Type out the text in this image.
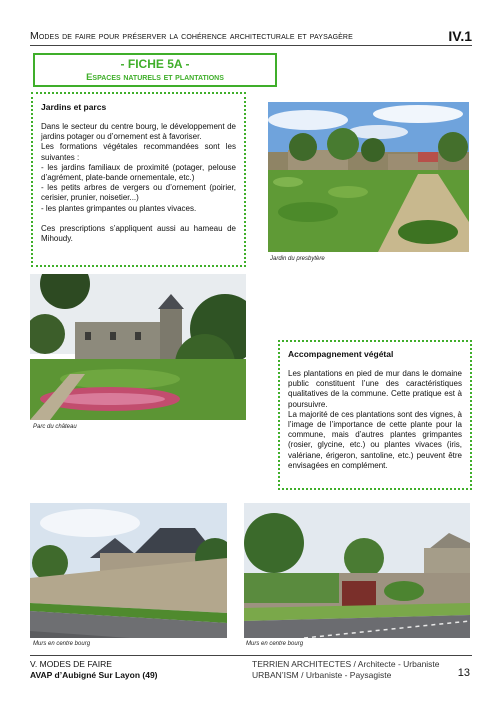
Modes de faire pour préserver la cohérence architecturale et paysagère	IV.1
- FICHE 5A -
Espaces naturels et plantations
Jardins et parcs
Dans le secteur du centre bourg, le développement de jardins potager ou d’ornement est à favoriser.
Les formations végétales recommandées sont les suivantes :
- les jardins familiaux de proximité (potager, pelouse d’agrément, plate-bande ornementale, etc.)
- les petits arbres de vergers ou d’ornement (poirier, cerisier, prunier, noisetier...)
- les plantes grimpantes ou plantes vivaces.

Ces prescriptions s’appliquent aussi au hameau de Mihoudy.
Jardin du presbytère
Parc du château
Accompagnement végétal
Les plantations en pied de mur dans le domaine public constituent l’une des caractéristiques qualitatives de la commune. Cette pratique est à poursuivre.
La majorité de ces plantations sont des vignes, à l’image de l’importance de cette plante pour la commune, mais d’autres plantes grimpantes (rosier, glycine, etc.) ou plantes vivaces (iris, valériane, érigeron, santoline, etc.) peuvent être envisagées en complément.
Murs en centre bourg	Murs en centre bourg
V. MODES DE FAIRE
AVAP d’Aubigné Sur Layon (49)
TERRIEN ARCHITECTES / Architecte - Urbaniste
URBAN’ISM / Urbaniste - Paysagiste	13
